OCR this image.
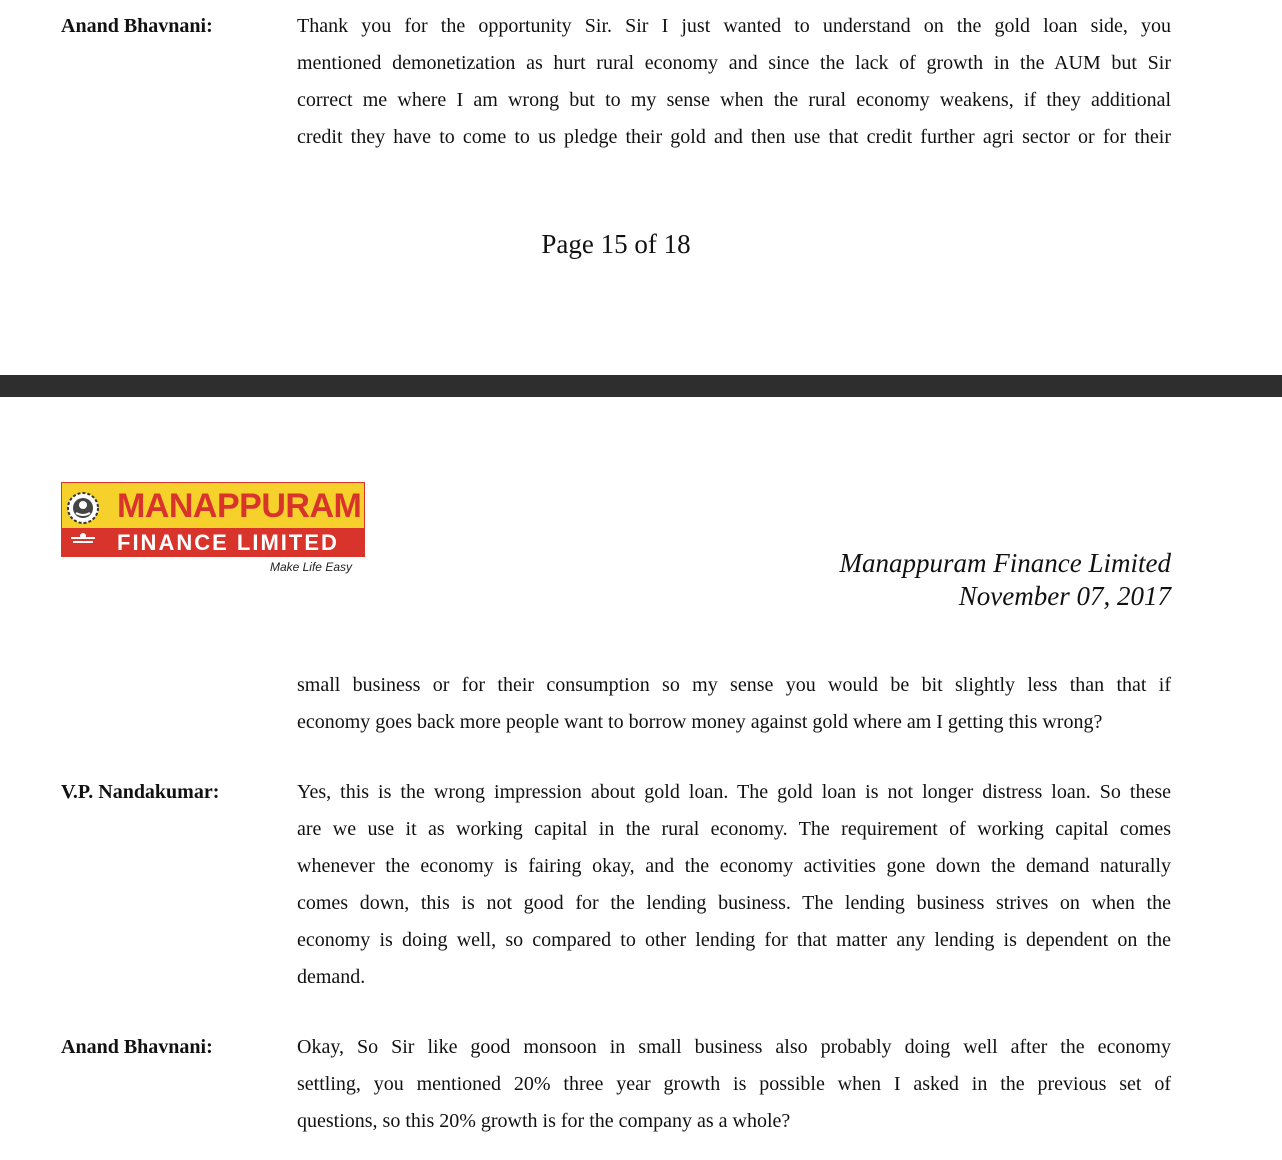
Anand Bhavnani:	Thank you for the opportunity Sir. Sir I just wanted to understand on the gold loan side, you
mentioned demonetization as hurt rural economy and since the lack of growth in the AUM but Sir
correct me where I am wrong but to my sense when the rural economy weakens, if they additional
credit they have to come to us pledge their gold and then use that credit further agri sector or for their
Page 15 of 18
MANAPPURAM
FINANCE LIMITED
Make Life Easy	Manappuram Finance Limited
November 07, 2017
small business or for their consumption so my sense you would be bit slightly less than that if
economy goes back more people want to borrow money against gold where am I getting this wrong?
V.P. Nandakumar:	Yes, this is the wrong impression about gold loan. The gold loan is not longer distress loan. So these
are we use it as working capital in the rural economy. The requirement of working capital comes
whenever the economy is fairing okay, and the economy activities gone down the demand naturally
comes down, this is not good for the lending business. The lending business strives on when the
economy is doing well, so compared to other lending for that matter any lending is dependent on the
demand.
Anand Bhavnani:	Okay, So Sir like good monsoon in small business also probably doing well after the economy
settling, you mentioned 20% three year growth is possible when I asked in the previous set of
questions, so this 20% growth is for the company as a whole?
